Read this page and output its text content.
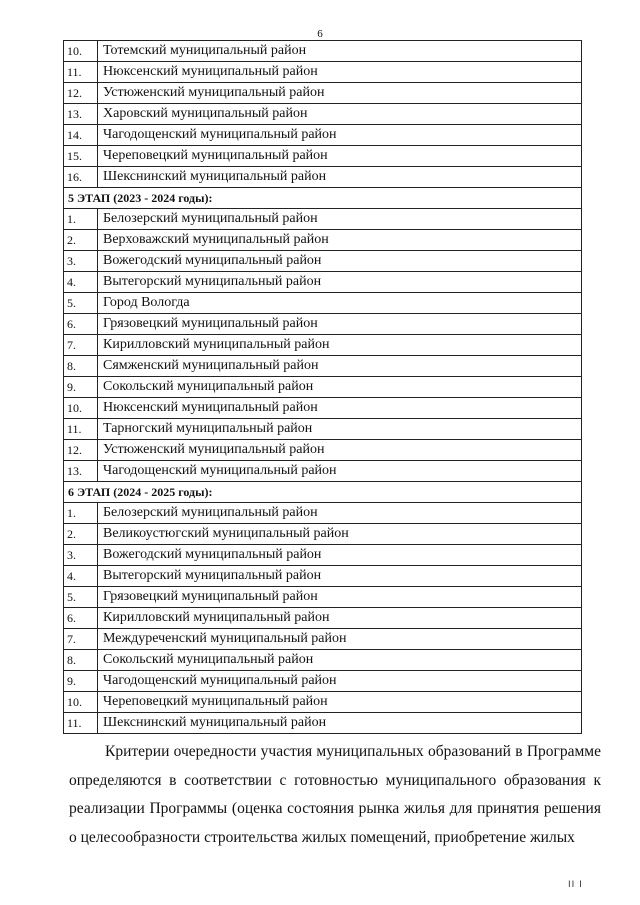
6
10.	Тотемский муниципальный район
11.	Нюксенский муниципальный район
12.	Устюженский муниципальный район
13.	Харовский муниципальный район
14.	Чагодощенский муниципальный район
15.	Череповецкий муниципальный район
16.	Шекснинский муниципальный район
5 ЭТАП (2023 - 2024 годы):	
1.	Белозерский муниципальный район
2.	Верховажский муниципальный район
3.	Вожегодский муниципальный район
4.	Вытегорский муниципальный район
5.	Город Вологда
6.	Грязовецкий муниципальный район
7.	Кирилловский муниципальный район
8.	Сямженский муниципальный район
9.	Сокольский муниципальный район
10.	Нюксенский муниципальный район
11.	Тарногский муниципальный район
12.	Устюженский муниципальный район
13.	Чагодощенский муниципальный район
6 ЭТАП (2024 - 2025 годы):	
1.	Белозерский муниципальный район
2.	Великоустюгский муниципальный район
3.	Вожегодский муниципальный район
4.	Вытегорский муниципальный район
5.	Грязовецкий муниципальный район
6.	Кирилловский муниципальный район
7.	Междуреченский муниципальный район
8.	Сокольский муниципальный район
9.	Чагодощенский муниципальный район
10.	Череповецкий муниципальный район
11.	Шекснинский муниципальный район

Критерии очередности участия муниципальных образований в Программе определяются в соответствии с готовностью муниципального образования к реализации Программы (оценка состояния рынка жилья для принятия решения о целесообразности строительства жилых помещений, приобретение жилых

II I
